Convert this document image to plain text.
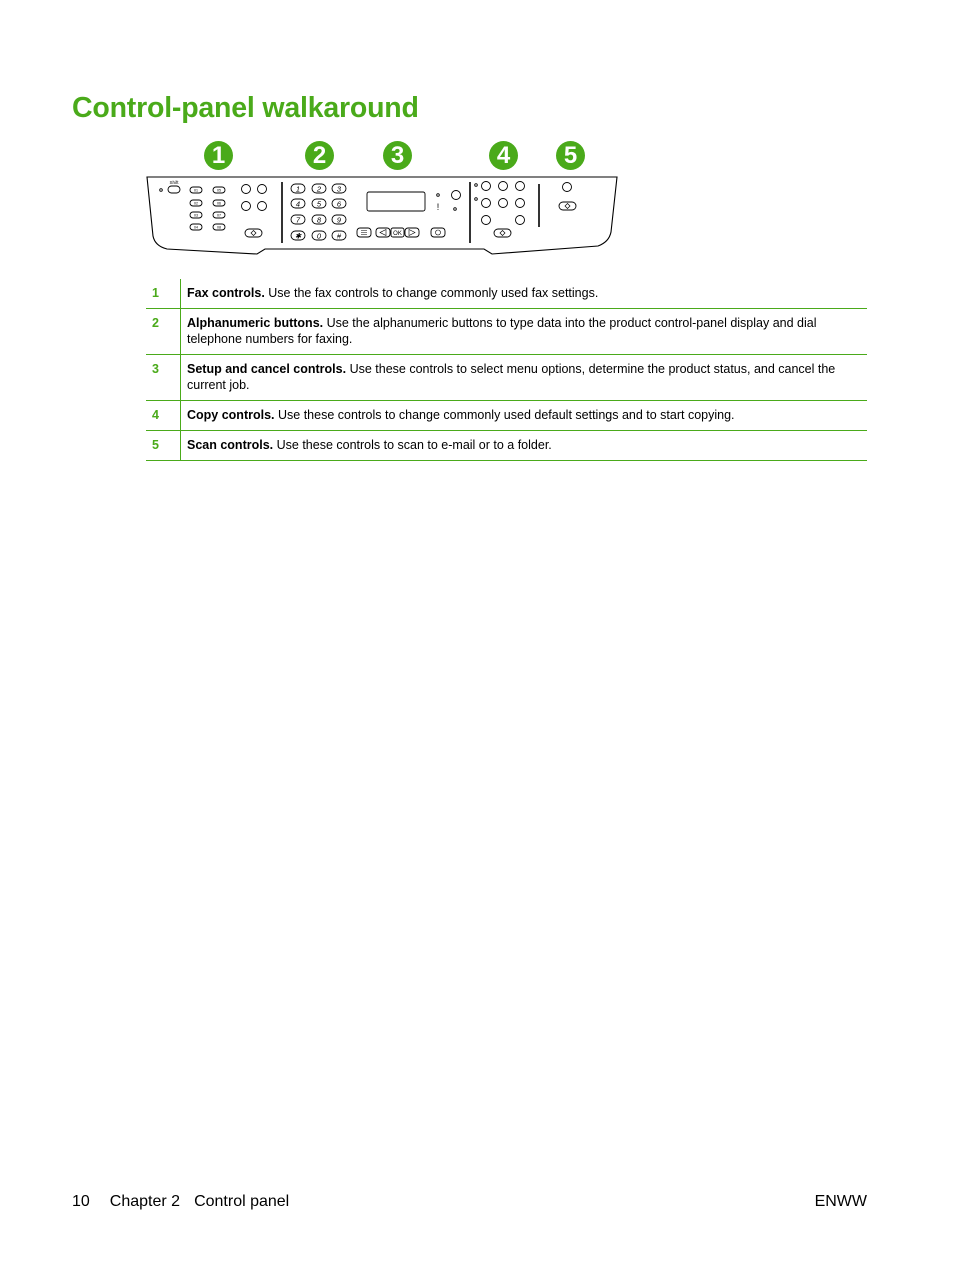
Control-panel walkaround
1	2	3	4	5
Shift
01	05
02	06
03	07
04	08
1 2 3
4 5 6
7 8 9
✱ 0 #
!
OK
1	Fax controls. Use the fax controls to change commonly used fax settings.
2	Alphanumeric buttons. Use the alphanumeric buttons to type data into the product control-panel display and dial telephone numbers for faxing.
3	Setup and cancel controls. Use these controls to select menu options, determine the product status, and cancel the current job.
4	Copy controls. Use these controls to change commonly used default settings and to start copying.
5	Scan controls. Use these controls to scan to e-mail or to a folder.
10 Chapter 2 Control panel	ENWW
